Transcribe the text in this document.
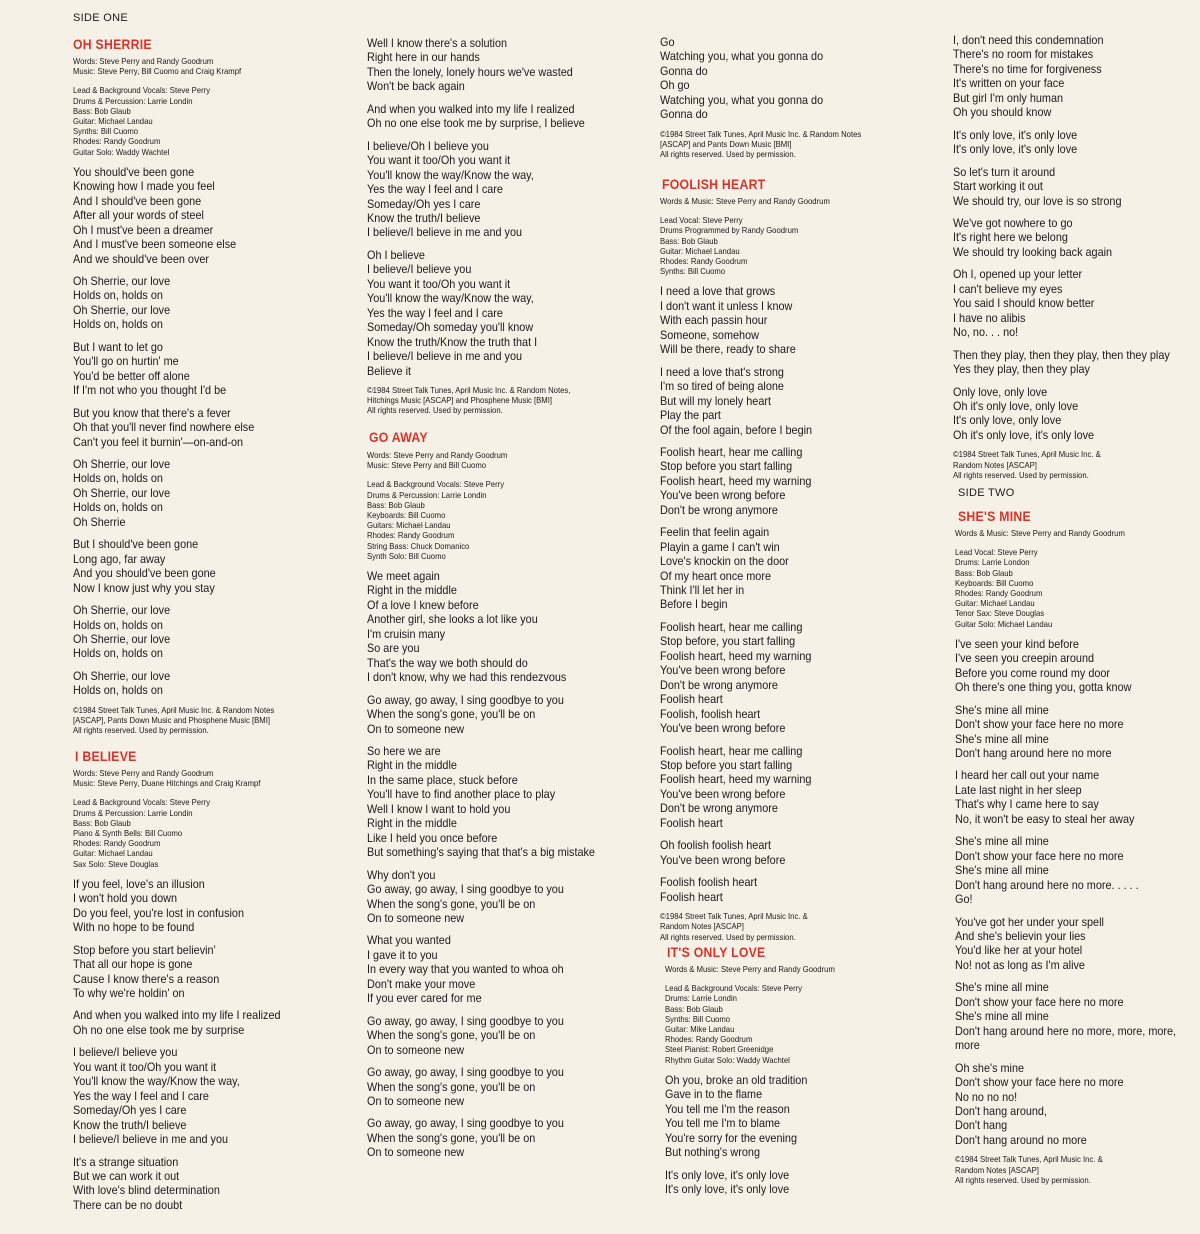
SIDE ONE
OH SHERRIE
Words: Steve Perry and Randy Goodrum
Music: Steve Perry, Bill Cuomo and Craig Krampf
Lead & Background Vocals: Steve Perry
Drums & Percussion: Larrie Londin
Bass: Bob Glaub
Guitar: Michael Landau
Synths: Bill Cuomo
Rhodes: Randy Goodrum
Guitar Solo: Waddy Wachtel
You should've been gone
Knowing how I made you feel
And I should've been gone
After all your words of steel
Oh I must've been a dreamer
And I must've been someone else
And we should've been over
Oh Sherrie, our love
Holds on, holds on
Oh Sherrie, our love
Holds on, holds on
But I want to let go
You'll go on hurtin' me
You'd be better off alone
If I'm not who you thought I'd be
But you know that there's a fever
Oh that you'll never find nowhere else
Can't you feel it burnin'—on-and-on
Oh Sherrie, our love
Holds on, holds on
Oh Sherrie, our love
Holds on, holds on
Oh Sherrie
But I should've been gone
Long ago, far away
And you should've been gone
Now I know just why you stay
Oh Sherrie, our love
Holds on, holds on
Oh Sherrie, our love
Holds on, holds on
Oh Sherrie, our love
Holds on, holds on
©1984 Street Talk Tunes, April Music Inc. & Random Notes
[ASCAP], Pants Down Music and Phosphene Music [BMI]
All rights reserved. Used by permission.
I BELIEVE
Words: Steve Perry and Randy Goodrum
Music: Steve Perry, Duane Hitchings and Craig Krampf
Lead & Background Vocals: Steve Perry
Drums & Percussion: Larrie Londin
Bass: Bob Glaub
Piano & Synth Bells: Bill Cuomo
Rhodes: Randy Goodrum
Guitar: Michael Landau
Sax Solo: Steve Douglas
If you feel, love's an illusion
I won't hold you down
Do you feel, you're lost in confusion
With no hope to be found
Stop before you start believin'
That all our hope is gone
Cause I know there's a reason
To why we're holdin' on
And when you walked into my life I realized
Oh no one else took me by surprise
I believe/I believe you
You want it too/Oh you want it
You'll know the way/Know the way,
Yes the way I feel and I care
Someday/Oh yes I care
Know the truth/I believe
I believe/I believe in me and you
It's a strange situation
But we can work it out
With love's blind determination
There can be no doubt
Well I know there's a solution
Right here in our hands
Then the lonely, lonely hours we've wasted
Won't be back again
And when you walked into my life I realized
Oh no one else took me by surprise, I believe
I believe/Oh I believe you
You want it too/Oh you want it
You'll know the way/Know the way,
Yes the way I feel and I care
Someday/Oh yes I care
Know the truth/I believe
I believe/I believe in me and you
Oh I believe
I believe/I believe you
You want it too/Oh you want it
You'll know the way/Know the way,
Yes the way I feel and I care
Someday/Oh someday you'll know
Know the truth/Know the truth that I
I believe/I believe in me and you
Believe it
©1984 Street Talk Tunes, April Music Inc. & Random Notes,
Hitchings Music [ASCAP] and Phosphene Music [BMI]
All rights reserved. Used by permission.
GO AWAY
Words: Steve Perry and Randy Goodrum
Music: Steve Perry and Bill Cuomo
Lead & Background Vocals: Steve Perry
Drums & Percussion: Larrie Londin
Bass: Bob Glaub
Keyboards: Bill Cuomo
Guitars: Michael Landau
Rhodes: Randy Goodrum
String Bass: Chuck Domanico
Synth Solo: Bill Cuomo
We meet again
Right in the middle
Of a love I knew before
Another girl, she looks a lot like you
I'm cruisin many
So are you
That's the way we both should do
I don't know, why we had this rendezvous
Go away, go away, I sing goodbye to you
When the song's gone, you'll be on
On to someone new
So here we are
Right in the middle
In the same place, stuck before
You'll have to find another place to play
Well I know I want to hold you
Right in the middle
Like I held you once before
But something's saying that that's a big mistake
Why don't you
Go away, go away, I sing goodbye to you
When the song's gone, you'll be on
On to someone new
What you wanted
I gave it to you
In every way that you wanted to whoa oh
Don't make your move
If you ever cared for me
Go away, go away, I sing goodbye to you
When the song's gone, you'll be on
On to someone new
Go away, go away, I sing goodbye to you
When the song's gone, you'll be on
On to someone new
Go away, go away, I sing goodbye to you
When the song's gone, you'll be on
On to someone new
Go
Watching you, what you gonna do
Gonna do
Oh go
Watching you, what you gonna do
Gonna do
©1984 Street Talk Tunes, April Music Inc. & Random Notes
[ASCAP] and Pants Down Music [BMI]
All rights reserved. Used by permission.
FOOLISH HEART
Words & Music: Steve Perry and Randy Goodrum
Lead Vocal: Steve Perry
Drums Programmed by Randy Goodrum
Bass: Bob Glaub
Guitar: Michael Landau
Rhodes: Randy Goodrum
Synths: Bill Cuomo
I need a love that grows
I don't want it unless I know
With each passin hour
Someone, somehow
Will be there, ready to share
I need a love that's strong
I'm so tired of being alone
But will my lonely heart
Play the part
Of the fool again, before I begin
Foolish heart, hear me calling
Stop before you start falling
Foolish heart, heed my warning
You've been wrong before
Don't be wrong anymore
Feelin that feelin again
Playin a game I can't win
Love's knockin on the door
Of my heart once more
Think I'll let her in
Before I begin
Foolish heart, hear me calling
Stop before, you start falling
Foolish heart, heed my warning
You've been wrong before
Don't be wrong anymore
Foolish heart
Foolish, foolish heart
You've been wrong before
Foolish heart, hear me calling
Stop before you start falling
Foolish heart, heed my warning
You've been wrong before
Don't be wrong anymore
Foolish heart
Oh foolish foolish heart
You've been wrong before
Foolish foolish heart
Foolish heart
©1984 Street Talk Tunes, April Music Inc. &
Random Notes [ASCAP]
All rights reserved. Used by permission.
IT'S ONLY LOVE
Words & Music: Steve Perry and Randy Goodrum
Lead & Background Vocals: Steve Perry
Drums: Larrie Londin
Bass: Bob Glaub
Synths: Bill Cuomo
Guitar: Mike Landau
Rhodes: Randy Goodrum
Steel Pianist: Robert Greenidge
Rhythm Guitar Solo: Waddy Wachtel
Oh you, broke an old tradition
Gave in to the flame
You tell me I'm the reason
You tell me I'm to blame
You're sorry for the evening
But nothing's wrong
It's only love, it's only love
It's only love, it's only love
I, don't need this condemnation
There's no room for mistakes
There's no time for forgiveness
It's written on your face
But girl I'm only human
Oh you should know
It's only love, it's only love
It's only love, it's only love
So let's turn it around
Start working it out
We should try, our love is so strong
We've got nowhere to go
It's right here we belong
We should try looking back again
Oh I, opened up your letter
I can't believe my eyes
You said I should know better
I have no alibis
No, no. . . no!
Then they play, then they play, then they play
Yes they play, then they play
Only love, only love
Oh it's only love, only love
It's only love, only love
Oh it's only love, it's only love
©1984 Street Talk Tunes, April Music Inc. &
Random Notes [ASCAP]
All rights reserved. Used by permission.
SIDE TWO
SHE'S MINE
Words & Music: Steve Perry and Randy Goodrum
Lead Vocal: Steve Perry
Drums: Larrie London
Bass: Bob Glaub
Keyboards: Bill Cuomo
Rhodes: Randy Goodrum
Guitar: Michael Landau
Tenor Sax: Steve Douglas
Guitar Solo: Michael Landau
I've seen your kind before
I've seen you creepin around
Before you come round my door
Oh there's one thing you, gotta know
She's mine all mine
Don't show your face here no more
She's mine all mine
Don't hang around here no more
I heard her call out your name
Late last night in her sleep
That's why I came here to say
No, it won't be easy to steal her away
She's mine all mine
Don't show your face here no more
She's mine all mine
Don't hang around here no more. . . . .
Go!
You've got her under your spell
And she's believin your lies
You'd like her at your hotel
No! not as long as I'm alive
She's mine all mine
Don't show your face here no more
She's mine all mine
Don't hang around here no more, more, more,
more
Oh she's mine
Don't show your face here no more
No no no no!
Don't hang around,
Don't hang
Don't hang around no more
©1984 Street Talk Tunes, April Music Inc. &
Random Notes [ASCAP]
All rights reserved. Used by permission.
